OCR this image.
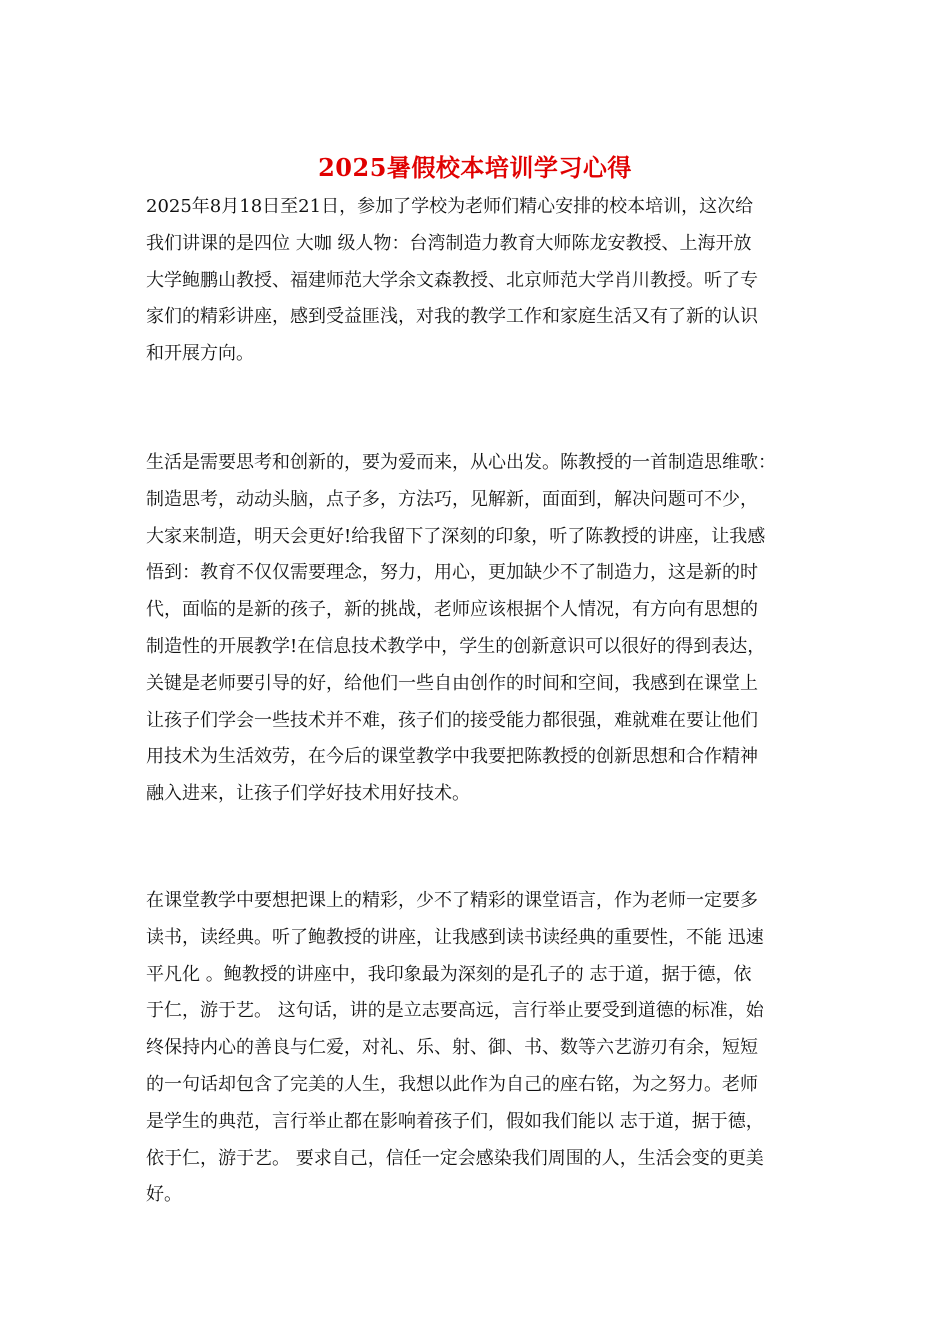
2025暑假校本培训学习心得

2025年8月18日至21日，参加了学校为老师们精心安排的校本培训，这次给
我们讲课的是四位 大咖 级人物：台湾制造力教育大师陈龙安教授、上海开放
大学鲍鹏山教授、福建师范大学余文森教授、北京师范大学肖川教授。听了专
家们的精彩讲座，感到受益匪浅，对我的教学工作和家庭生活又有了新的认识
和开展方向。

生活是需要思考和创新的，要为爱而来，从心出发。陈教授的一首制造思维歌：
制造思考，动动头脑，点子多，方法巧，见解新，面面到，解决问题可不少，
大家来制造，明天会更好!给我留下了深刻的印象，听了陈教授的讲座，让我感
悟到：教育不仅仅需要理念，努力，用心，更加缺少不了制造力，这是新的时
代，面临的是新的孩子，新的挑战，老师应该根据个人情况，有方向有思想的
制造性的开展教学!在信息技术教学中，学生的创新意识可以很好的得到表达，
关键是老师要引导的好，给他们一些自由创作的时间和空间，我感到在课堂上
让孩子们学会一些技术并不难，孩子们的接受能力都很强，难就难在要让他们
用技术为生活效劳，在今后的课堂教学中我要把陈教授的创新思想和合作精神
融入进来，让孩子们学好技术用好技术。

在课堂教学中要想把课上的精彩，少不了精彩的课堂语言，作为老师一定要多
读书，读经典。听了鲍教授的讲座，让我感到读书读经典的重要性，不能 迅速
平凡化 。鲍教授的讲座中，我印象最为深刻的是孔子的 志于道，据于德，依
于仁，游于艺。 这句话，讲的是立志要高远，言行举止要受到道德的标准，始
终保持内心的善良与仁爱，对礼、乐、射、御、书、数等六艺游刃有余，短短
的一句话却包含了完美的人生，我想以此作为自己的座右铭，为之努力。老师
是学生的典范，言行举止都在影响着孩子们，假如我们能以 志于道，据于德，
依于仁，游于艺。 要求自己，信任一定会感染我们周围的人，生活会变的更美
好。
